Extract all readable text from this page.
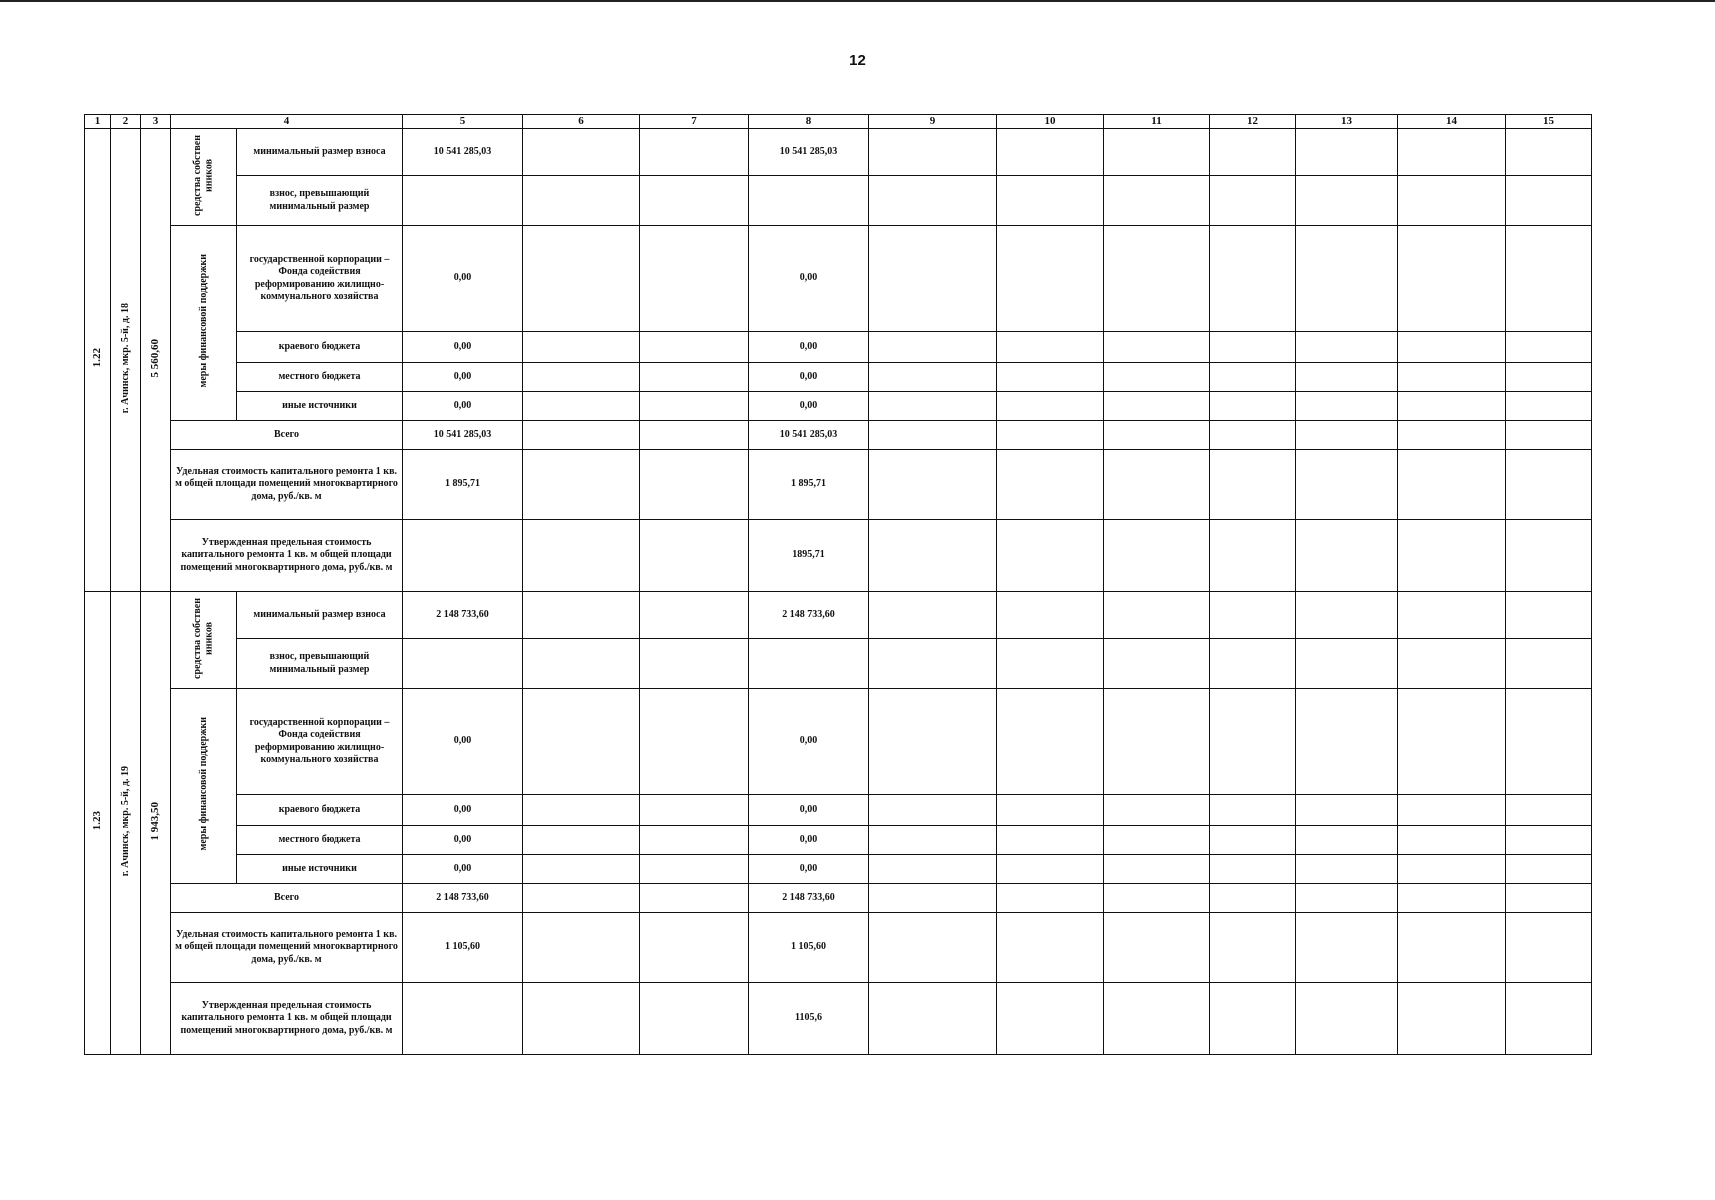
12
1	2	3	4		5	6	7	8	9	10	11	12	13	14	15
1.22	г. Ачинск, мкр. 5-й, д. 18	5 560,60	средства собствен иников	минимальный размер взноса	10 541 285,03			10 541 285,03							
				взнос, превышающий минимальный размер											
			меры финансовой поддержки	государственной корпорации – Фонда содействия реформированию жилищно-коммунального хозяйства	0,00			0,00							
				краевого бюджета	0,00			0,00							
				местного бюджета	0,00			0,00							
				иные источники	0,00			0,00							
			Всего		10 541 285,03			10 541 285,03							
			Удельная стоимость капитального ремонта 1 кв. м общей площади помещений многоквартирного дома, руб./кв. м		1 895,71			1 895,71							
			Утвержденная предельная стоимость капитального ремонта 1 кв. м общей площади помещений многоквартирного дома, руб./кв. м					1895,71							
1.23	г. Ачинск, мкр. 5-й, д. 19	1 943,50	средства собствен иников	минимальный размер взноса	2 148 733,60			2 148 733,60							
				взнос, превышающий минимальный размер											
			меры финансовой поддержки	государственной корпорации – Фонда содействия реформированию жилищно-коммунального хозяйства	0,00			0,00							
				краевого бюджета	0,00			0,00							
				местного бюджета	0,00			0,00							
				иные источники	0,00			0,00							
			Всего		2 148 733,60			2 148 733,60							
			Удельная стоимость капитального ремонта 1 кв. м общей площади помещений многоквартирного дома, руб./кв. м		1 105,60			1 105,60							
			Утвержденная предельная стоимость капитального ремонта 1 кв. м общей площади помещений многоквартирного дома, руб./кв. м					1105,6							
